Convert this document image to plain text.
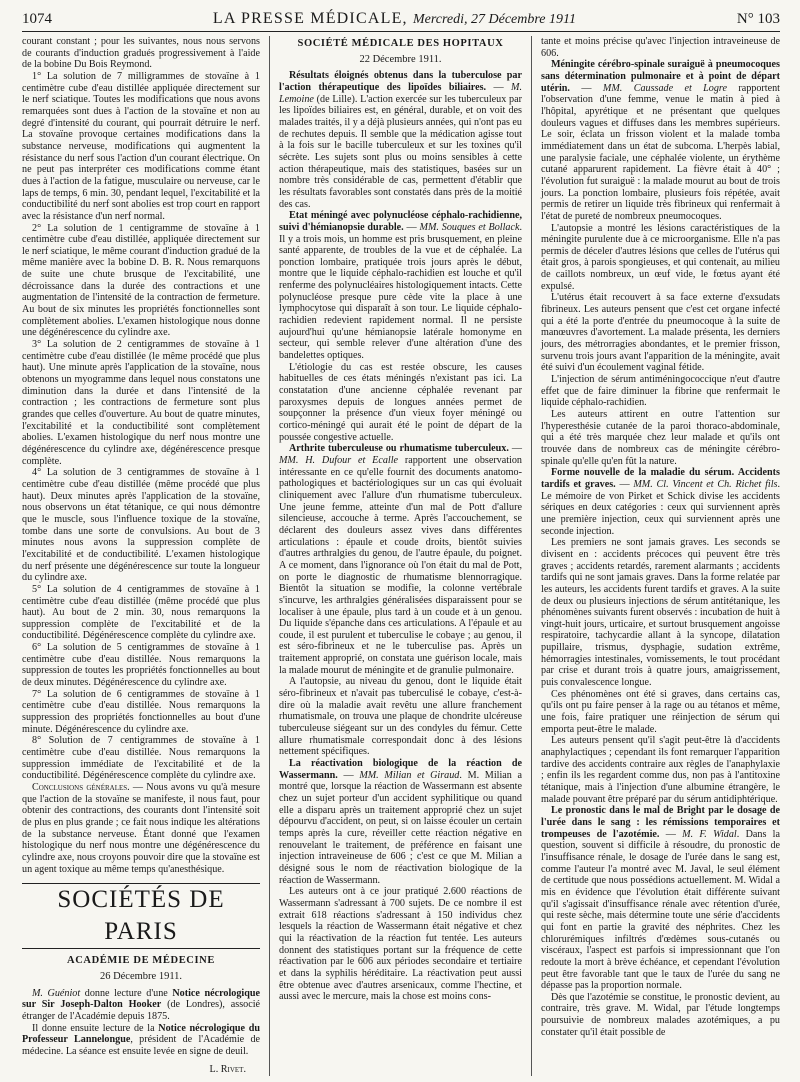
1074	LA PRESSE MÉDICALE, Mercredi, 27 Décembre 1911	N° 103

courant constant ; pour les suivantes, nous nous servons de courants d'induction gradués progressivement à l'aide de la bobine Du Bois Reymond.

1° La solution de 7 milligrammes de stovaïne à 1 centimètre cube d'eau distillée appliquée directement sur le nerf sciatique. Toutes les modifications que nous avons remarquées sont dues à l'action de la stovaïne et non au degré d'intensité du courant, qui pourrait détruire le nerf. La stovaïne provoque certaines modifications dans la substance nerveuse, modifications qui augmentent la résistance du nerf sous l'action d'un courant électrique. On ne peut pas interpréter ces modifications comme étant dues à l'action de la fatigue, musculaire ou nerveuse, car le laps de temps, 6 min. 30, pendant lequel, l'excitabilité et la conductibilité du nerf sont abolies est trop court en rapport avec la résistance d'un nerf normal.

2° La solution de 1 centigramme de stovaïne à 1 centimètre cube d'eau distillée, appliquée directement sur le nerf sciatique, le même courant d'induction gradué de la même manière avec la bobine D. B. R. Nous remarquons de suite une chute brusque de l'excitabilité, une décroissance dans la durée des contractions et une augmentation de l'intensité de la contraction de fermeture. Au bout de six minutes les propriétés fonctionnelles sont complètement abolies. L'examen histologique nous donne une dégénérescence du cylindre axe.

3° La solution de 2 centigrammes de stovaïne à 1 centimètre cube d'eau distillée (le même procédé que plus haut). Une minute après l'application de la stovaïne, nous obtenons un myogramme dans lequel nous constatons une diminution dans la durée et dans l'intensité de la contraction ; les contractions de fermeture sont plus grandes que celles d'ouverture. Au bout de quatre minutes, l'excitabilité et la conductibilité sont complètement abolies. L'examen histologique du nerf nous montre une dégénérescence du cylindre axe, dégénérescence presque complète.

4° La solution de 3 centigrammes de stovaïne à 1 centimètre cube d'eau distillée (même procédé que plus haut). Deux minutes après l'application de la stovaïne, nous observons un état tétanique, ce qui nous démontre que le muscle, sous l'influence toxique de la stovaïne, tombe dans une sorte de convulsions. Au bout de 3 minutes nous avons la suppression complète de l'excitabilité et de conductibilité. L'examen histologique du nerf présente une dégénérescence sur toute la longueur du cylindre axe.

5° La solution de 4 centigrammes de stovaïne à 1 centimètre cube d'eau distillée (même procédé que plus haut). Au bout de 2 min. 30, nous remarquons la suppression complète de l'excitabilité et de la conductibilité. Dégénérescence complète du cylindre axe.

6° La solution de 5 centigrammes de stovaïne à 1 centimètre cube d'eau distillée. Nous remarquons la suppression de toutes les propriétés fonctionnelles au bout de deux minutes. Dégénérescence du cylindre axe.

7° La solution de 6 centigrammes de stovaïne à 1 centimètre cube d'eau distillée. Nous remarquons la suppression des propriétés fonctionnelles au bout d'une minute. Dégénérescence du cylindre axe.

8° Solution de 7 centigrammes de stovaïne à 1 centimètre cube d'eau distillée. Nous remarquons la suppression immédiate de l'excitabilité et de la conductibilité. Dégénérescence complète du cylindre axe.

Conclusions générales. — Nous avons vu qu'à mesure que l'action de la stovaïne se manifeste, il nous faut, pour obtenir des contractions, des courants dont l'intensité soit de plus en plus grande ; ce fait nous indique les altérations de la substance nerveuse. Étant donné que l'examen histologique du nerf nous montre une dégénérescence du cylindre axe, nous croyons pouvoir dire que la stovaïne est un agent toxique au même temps qu'anesthésique.

SOCIÉTÉS DE PARIS
ACADÉMIE DE MÉDECINE
26 Décembre 1911.

M. Guéniot donne lecture d'une Notice nécrologique sur Sir Joseph-Dalton Hooker (de Londres), associé étranger de l'Académie depuis 1875.

Il donne ensuite lecture de la Notice nécrologique du Professeur Lannelongue, président de l'Académie de médecine. La séance est ensuite levée en signe de deuil.

L. Rivet.
SOCIÉTÉ MÉDICALE DES HOPITAUX
22 Décembre 1911.

Résultats éloignés obtenus dans la tuberculose par l'action thérapeutique des lipoïdes biliaires. — M. Lemoine (de Lille). L'action exercée sur les tuberculeux par les lipoïdes biliaires est, en général, durable, et on voit des malades traités, il y a déjà plusieurs années, qui n'ont pas eu de rechutes depuis. Il semble que la médication agisse tout à la fois sur le bacille tuberculeux et sur les toxines qu'il sécrète. Les sujets sont plus ou moins sensibles à cette action thérapeutique, mais des statistiques, basées sur un nombre très considérable de cas, permettent d'établir que les résultats favorables sont constatés dans près de la moitié des cas.

Etat méningé avec polynucléose céphalo-rachidienne, suivi d'hémianopsie durable. — MM. Souques et Bollack. Il y a trois mois, un homme est pris brusquement, en pleine santé apparente, de troubles de la vue et de céphalée. La ponction lombaire, pratiquée trois jours après le début, montre que le liquide céphalo-rachidien est louche et qu'il renferme des polynucléaires histologiquement intacts. Cette polynucléose presque pure cède vite la place à une lymphocytose qui disparaît à son tour. Le liquide céphalo-rachidien redevient rapidement normal. Il ne persiste aujourd'hui qu'une hémianopsie latérale homonyme en secteur, qui semble relever d'une altération d'une des bandelettes optiques.

L'étiologie du cas est restée obscure, les causes habituelles de ces états méningés n'existant pas ici. La constatation d'une ancienne céphalée revenant par paroxysmes depuis de longues années permet de soupçonner la présence d'un vieux foyer méningé ou cortico-méningé qui aurait été le point de départ de la poussée congestive actuelle.

Arthrite tuberculeuse ou rhumatisme tuberculeux. — MM. H. Dufour et Ecalle rapportent une observation intéressante en ce qu'elle fournit des documents anatomo-pathologiques et bactériologiques sur un cas qui évoluait cliniquement avec l'allure d'un rhumatisme tuberculeux. Une jeune femme, atteinte d'un mal de Pott d'allure silencieuse, accouche à terme. Après l'accouchement, se déclarent des douleurs assez vives dans différentes articulations : épaule et coude droits, bientôt suivies d'autres arthralgies du genou, de l'autre épaule, du poignet. A ce moment, dans l'ignorance où l'on était du mal de Pott, on porte le diagnostic de rhumatisme blennorragique. Bientôt la situation se modifie, la colonne vertébrale s'incurve, les arthralgies généralisées disparaissent pour se localiser à une épaule, plus tard à un coude et à un genou. Du liquide s'épanche dans ces articulations. A l'épaule et au coude, il est purulent et tuberculise le cobaye ; au genou, il est séro-fibrineux et ne le tuberculise pas. Après un traitement approprié, on constata une guérison locale, mais la malade mourut de méningite et de granulie pulmonaire.

A l'autopsie, au niveau du genou, dont le liquide était séro-fibrineux et n'avait pas tuberculisé le cobaye, c'est-à-dire où la maladie avait revêtu une allure franchement rhumatismale, on trouva une plaque de chondrite ulcéreuse tuberculeuse siégeant sur un des condyles du fémur. Cette allure rhumatismale correspondait donc à des lésions nettement spécifiques.

La réactivation biologique de la réaction de Wassermann. — MM. Milian et Giraud. M. Milian a montré que, lorsque la réaction de Wassermann est absente chez un sujet porteur d'un accident syphilitique ou quand elle a disparu après un traitement approprié chez un sujet dépourvu d'accident, on peut, si on laisse écouler un certain temps après la cure, réveiller cette réaction négative en renouvelant le traitement, de préférence en faisant une injection intraveineuse de 606 ; c'est ce que M. Milian a désigné sous le nom de réactivation biologique de la réaction de Wassermann.

Les auteurs ont à ce jour pratiqué 2.600 réactions de Wassermann s'adressant à 700 sujets. De ce nombre il est extrait 618 réactions s'adressant à 150 individus chez lesquels la réaction de Wassermann était négative et chez qui la réactivation de la réaction fut tentée. Les auteurs donnent des statistiques portant sur la fréquence de cette réactivation par le 606 aux périodes secondaire et tertiaire et dans la syphilis héréditaire. La réactivation peut aussi être obtenue avec d'autres arsenicaux, comme l'hectine, et aussi avec le mercure, mais la chose est moins cons-

tante et moins précise qu'avec l'injection intraveineuse de 606.

Méningite cérébro-spinale suraiguë à pneumocoques sans détermination pulmonaire et à point de départ utérin. — MM. Caussade et Logre rapportent l'observation d'une femme, venue le matin à pied à l'hôpital, apyrétique et ne présentant que quelques douleurs vagues et diffuses dans les membres supérieurs. Le soir, éclata un frisson violent et la malade tomba immédiatement dans un état de subcoma. L'herpès labial, une paralysie faciale, une céphalée violente, un érythème cutané apparurent rapidement. La fièvre était à 40° ; l'évolution fut suraiguë : la malade mourut au bout de trois jours. La ponction lombaire, plusieurs fois répétée, avait permis de retirer un liquide très fibrineux qui renfermait à l'état de pureté de nombreux pneumocoques.

L'autopsie a montré les lésions caractéristiques de la méningite purulente due à ce microorganisme. Elle n'a pas permis de déceler d'autres lésions que celles de l'utérus qui était gros, à parois spongieuses, et qui contenait, au milieu de caillots nombreux, un œuf vide, le fœtus ayant été expulsé.

L'utérus était recouvert à sa face externe d'exsudats fibrineux. Les auteurs pensent que c'est cet organe infecté qui a été la porte d'entrée du pneumocoque à la suite de manœuvres d'avortement. La malade présenta, les derniers jours, des métrorragies abondantes, et le premier frisson, survenu trois jours avant l'apparition de la méningite, avait été suivi d'un écoulement vaginal fétide.

L'injection de sérum antiméningococcique n'eut d'autre effet que de faire diminuer la fibrine que renfermait le liquide céphalo-rachidien.

Les auteurs attirent en outre l'attention sur l'hyperesthésie cutanée de la paroi thoraco-abdominale, qui a été très marquée chez leur malade et qu'ils ont trouvée dans de nombreux cas de méningite cérébro-spinale qu'elle qu'en fût la nature.

Forme nouvelle de la maladie du sérum. Accidents tardifs et graves. — MM. Cl. Vincent et Ch. Richet fils. Le mémoire de von Pirket et Schick divise les accidents sériques en deux catégories : ceux qui surviennent après une première injection, ceux qui surviennent après une seconde injection.

Les premiers ne sont jamais graves. Les seconds se divisent en : accidents précoces qui peuvent être très graves ; accidents retardés, rarement alarmants ; accidents tardifs qui ne sont jamais graves. Dans la forme relatée par les auteurs, les accidents furent tardifs et graves. A la suite de deux ou plusieurs injections de sérum antitétanique, les phénomènes suivants furent observés : incubation de huit à vingt-huit jours, urticaire, et surtout brusquement angoisse respiratoire, tachycardie allant à la syncope, dilatation pupillaire, trismus, dysphagie, sudation extrême, hémorragies intestinales, vomissements, le tout procédant par crise et durant trois à quatre jours, amaigrissement, puis convalescence longue.

Ces phénomènes ont été si graves, dans certains cas, qu'ils ont pu faire penser à la rage ou au tétanos et même, une fois, faire pratiquer une réinjection de sérum qui emporta peut-être le malade.

Les auteurs pensent qu'il s'agit peut-être là d'accidents anaphylactiques ; cependant ils font remarquer l'apparition tardive des accidents contraire aux règles de l'anaphylaxie ; enfin ils les regardent comme dus, non pas à l'antitoxine tétanique, mais à l'injection d'une albumine étrangère, le malade pouvant être préparé par du sérum antidiphtérique.

Le pronostic dans le mal de Bright par le dosage de l'urée dans le sang : les rémissions temporaires et trompeuses de l'azotémie. — M. F. Widal. Dans la question, souvent si difficile à résoudre, du pronostic de l'insuffisance rénale, le dosage de l'urée dans le sang est, comme l'auteur l'a montré avec M. Javal, le seul élément de certitude que nous possédions actuellement. M. Widal a mis en évidence que l'évolution était différente suivant qu'il s'agissait d'insuffisance rénale avec rétention d'urée, qui reste sèche, mais détermine toute une série d'accidents qui font en partie la gravité des néphrites. Chez les chlorurémiques infiltrés d'œdèmes sous-cutanés ou viscéraux, l'aspect est parfois si impressionnant que l'on redoute la mort à brève échéance, et cependant l'évolution peut être favorable tant que le taux de l'urée du sang ne dépasse pas la proportion normale.

Dès que l'azotémie se constitue, le pronostic devient, au contraire, très grave. M. Widal, par l'étude longtemps poursuivie de nombreux malades azotémiques, a pu constater qu'il était possible de
